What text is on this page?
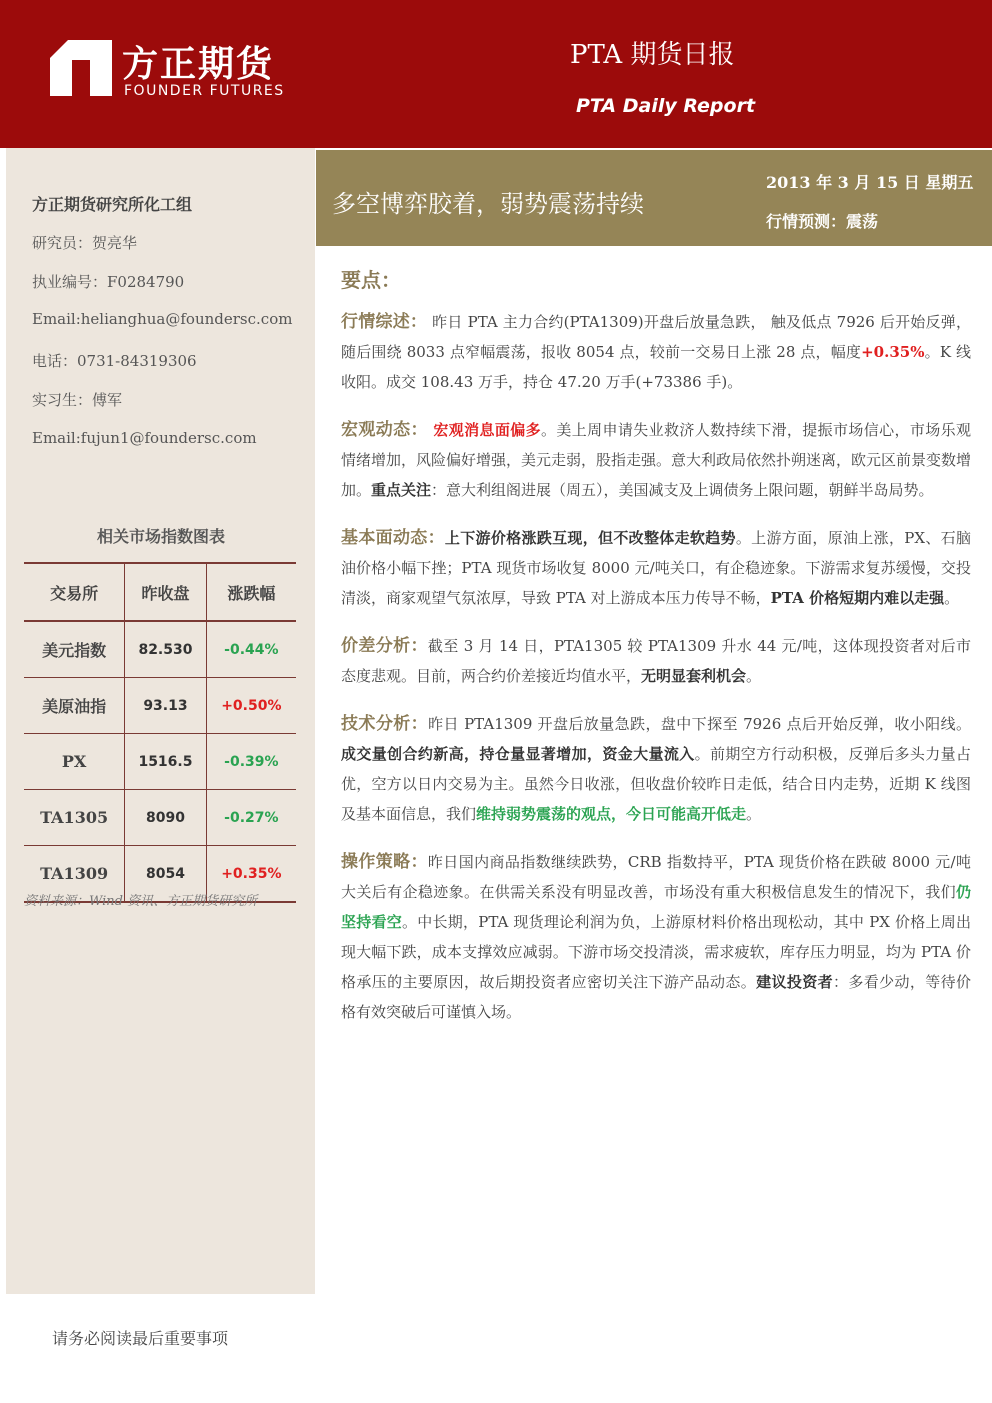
方正期货
FOUNDER FUTURES
PTA 期货日报
PTA Daily Report
方正期货研究所化工组
研究员：贺亮华
执业编号：F0284790
Email:helianghua@foundersc.com
电话：0731-84319306
实习生：傅军
Email:fujun1@foundersc.com
相关市场指数图表
交易所	昨收盘	涨跌幅
美元指数	82.530	-0.44%
美原油指	93.13	+0.50%
PX	1516.5	-0.39%
TA1305	8090	-0.27%
TA1309	8054	+0.35%
资料来源：Wind 资讯、方正期货研究所
请务必阅读最后重要事项
多空博弈胶着，弱势震荡持续
2013 年 3 月 15 日 星期五
行情预测：震荡
要点：

行情综述： 昨日 PTA 主力合约(PTA1309)开盘后放量急跌， 触及低点 7926 后开始反弹，随后围绕 8033 点窄幅震荡，报收 8054 点，较前一交易日上涨 28 点，幅度+0.35%。K 线收阳。成交 108.43 万手，持仓 47.20 万手(+73386 手)。

宏观动态： 宏观消息面偏多。美上周申请失业救济人数持续下滑，提振市场信心，市场乐观情绪增加，风险偏好增强，美元走弱，股指走强。意大利政局依然扑朔迷离，欧元区前景变数增加。重点关注：意大利组阁进展（周五），美国减支及上调债务上限问题，朝鲜半岛局势。

基本面动态：上下游价格涨跌互现，但不改整体走软趋势。上游方面，原油上涨，PX、石脑油价格小幅下挫；PTA 现货市场收复 8000 元/吨关口，有企稳迹象。下游需求复苏缓慢，交投清淡，商家观望气氛浓厚，导致 PTA 对上游成本压力传导不畅，PTA 价格短期内难以走强。

价差分析：截至 3 月 14 日，PTA1305 较 PTA1309 升水 44 元/吨，这体现投资者对后市态度悲观。目前，两合约价差接近均值水平，无明显套利机会。

技术分析：昨日 PTA1309 开盘后放量急跌，盘中下探至 7926 点后开始反弹，收小阳线。成交量创合约新高，持仓量显著增加，资金大量流入。前期空方行动积极，反弹后多头力量占优，空方以日内交易为主。虽然今日收涨，但收盘价较昨日走低，结合日内走势，近期 K 线图及基本面信息，我们维持弱势震荡的观点，今日可能高开低走。

操作策略：昨日国内商品指数继续跌势，CRB 指数持平，PTA 现货价格在跌破 8000 元/吨大关后有企稳迹象。在供需关系没有明显改善，市场没有重大积极信息发生的情况下，我们仍坚持看空。中长期，PTA 现货理论利润为负，上游原材料价格出现松动，其中 PX 价格上周出现大幅下跌，成本支撑效应减弱。下游市场交投清淡，需求疲软，库存压力明显，均为 PTA 价格承压的主要原因，故后期投资者应密切关注下游产品动态。建议投资者：多看少动，等待价格有效突破后可谨慎入场。
